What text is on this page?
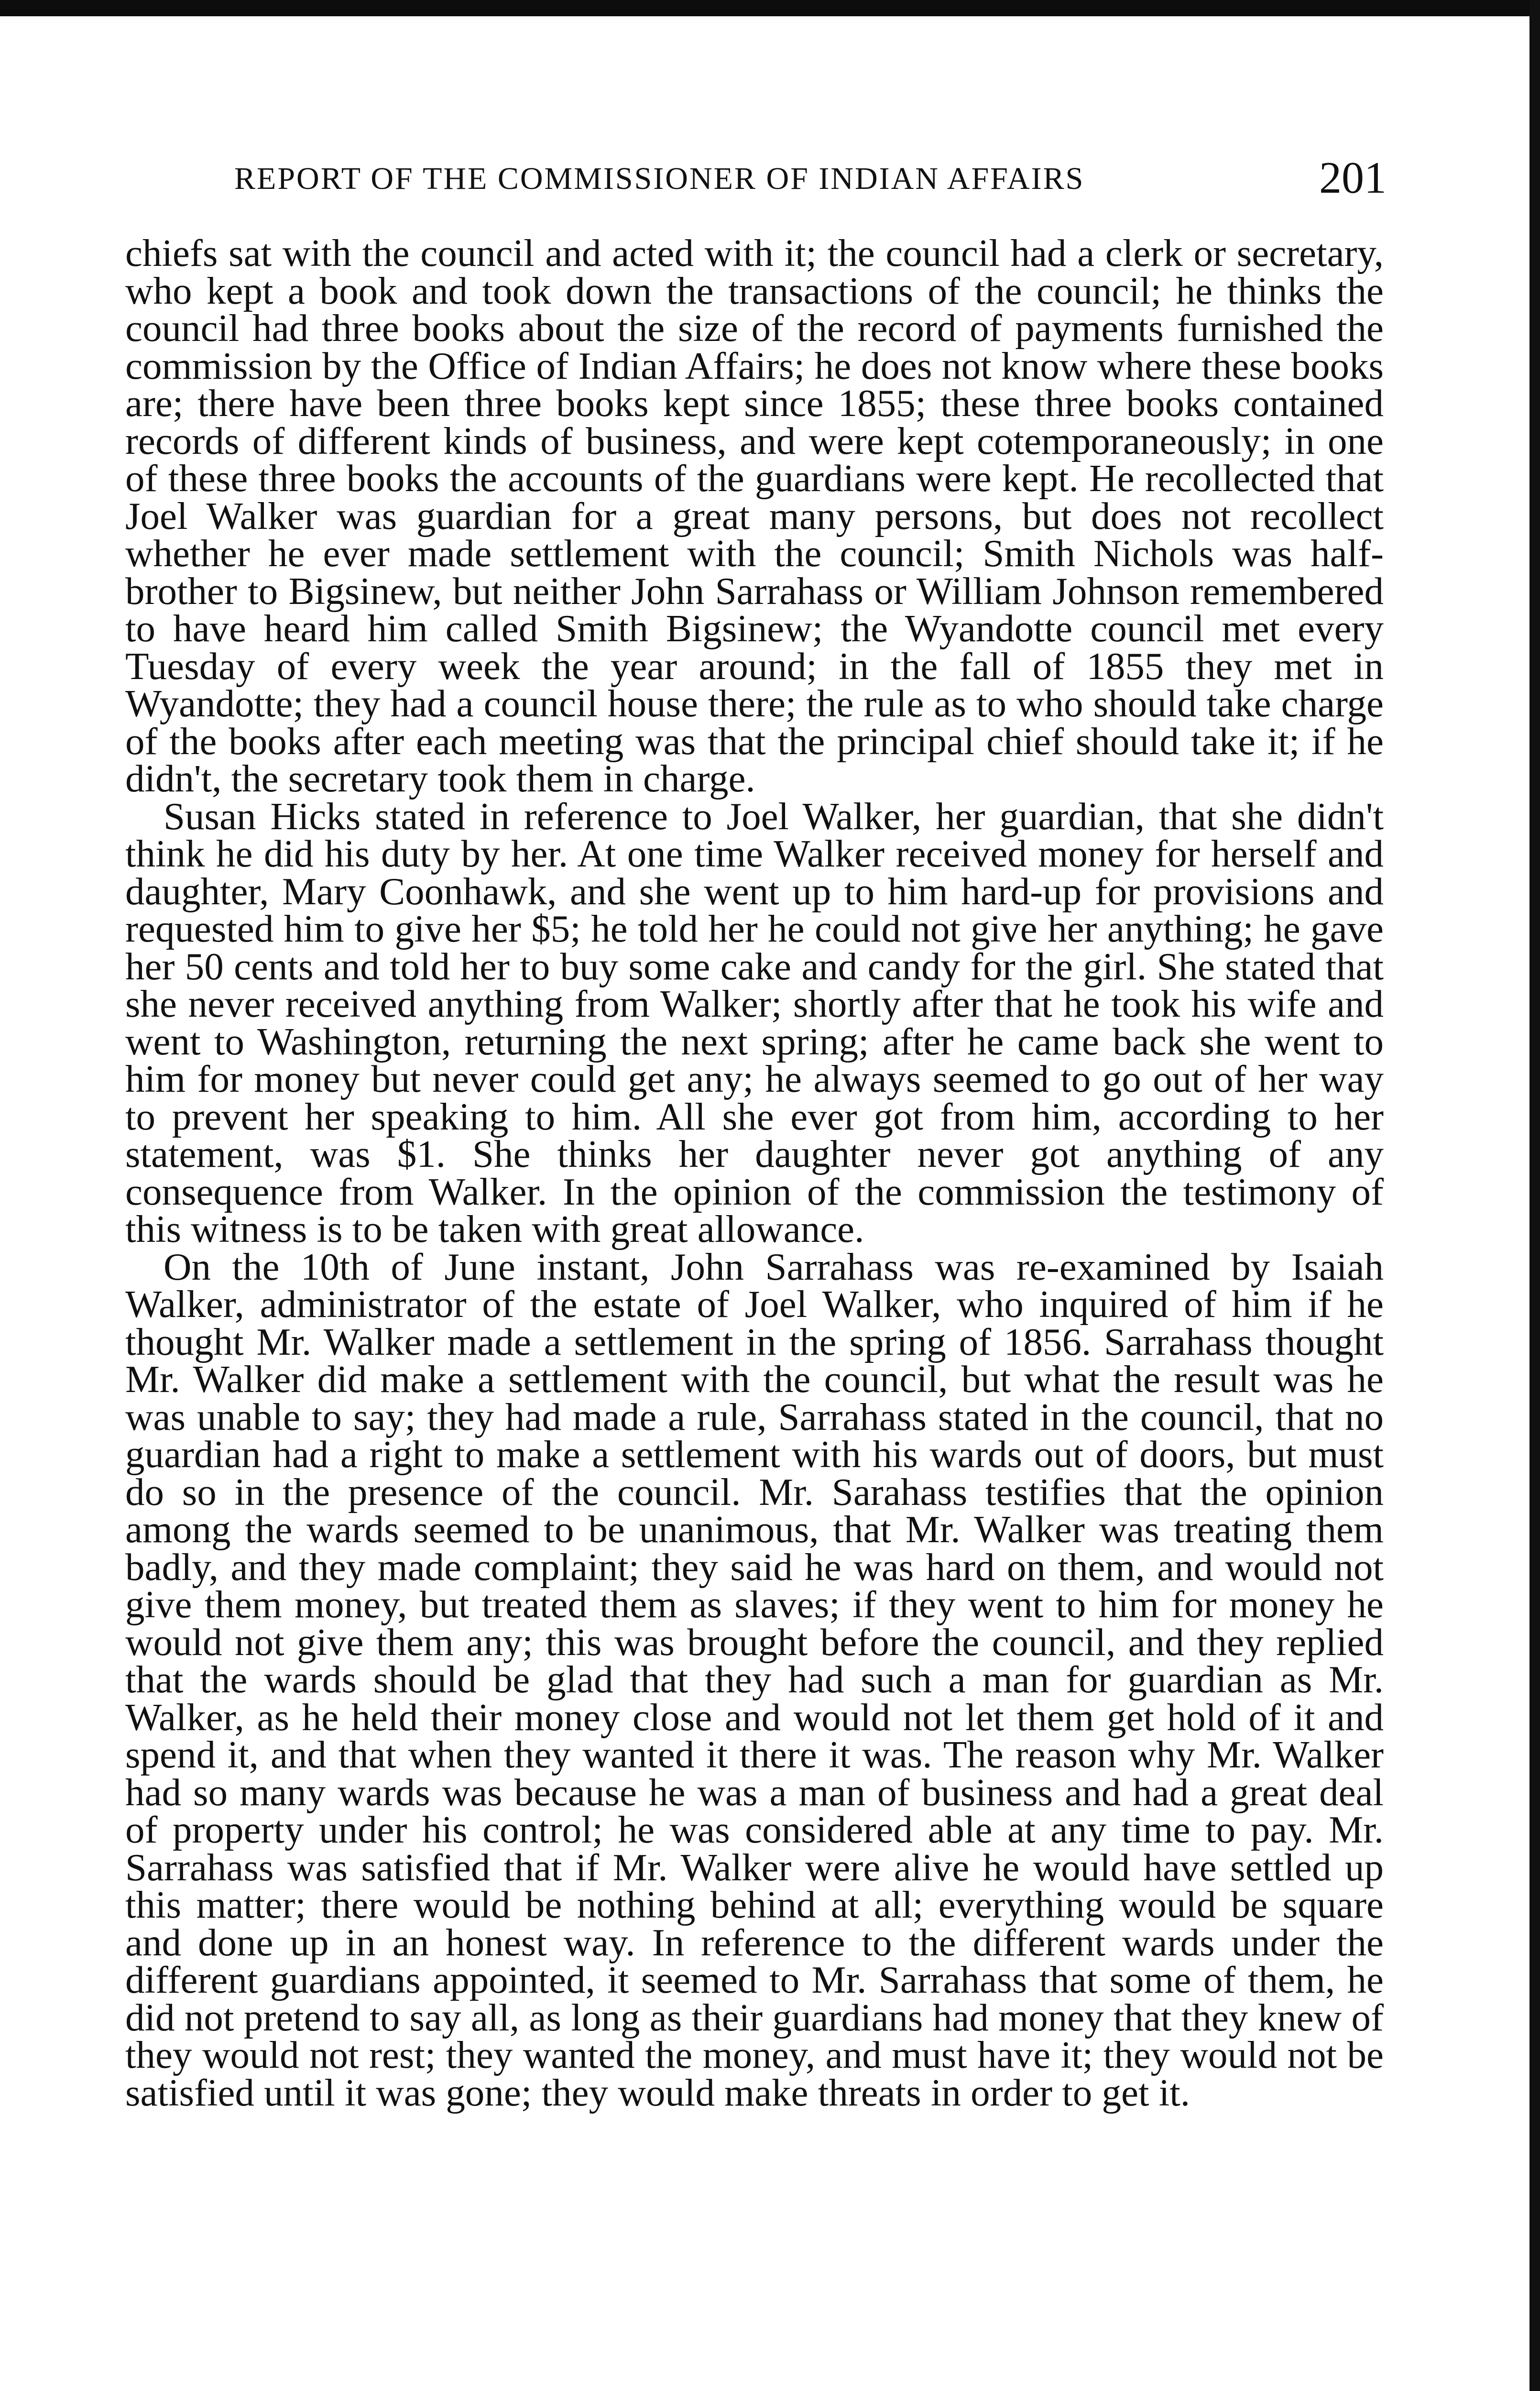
REPORT OF THE COMMISSIONER OF INDIAN AFFAIRS	201

chiefs sat with the council and acted with it; the council had a clerk or secretary, who kept a book and took down the transactions of the council; he thinks the council had three books about the size of the record of payments furnished the commission by the Office of Indian Affairs; he does not know where these books are; there have been three books kept since 1855; these three books contained records of different kinds of business, and were kept cotemporaneously; in one of these three books the accounts of the guardians were kept. He recollected that Joel Walker was guardian for a great many persons, but does not recollect whether he ever made settlement with the council; Smith Nichols was half-brother to Bigsinew, but neither John Sarrahass or William Johnson remembered to have heard him called Smith Bigsinew; the Wyandotte council met every Tuesday of every week the year around; in the fall of 1855 they met in Wyandotte; they had a council house there; the rule as to who should take charge of the books after each meeting was that the principal chief should take it; if he didn't, the secretary took them in charge.

Susan Hicks stated in reference to Joel Walker, her guardian, that she didn't think he did his duty by her. At one time Walker received money for herself and daughter, Mary Coonhawk, and she went up to him hard-up for provisions and requested him to give her $5; he told her he could not give her anything; he gave her 50 cents and told her to buy some cake and candy for the girl. She stated that she never received anything from Walker; shortly after that he took his wife and went to Washington, returning the next spring; after he came back she went to him for money but never could get any; he always seemed to go out of her way to prevent her speaking to him. All she ever got from him, according to her statement, was $1. She thinks her daughter never got anything of any consequence from Walker. In the opinion of the commission the testimony of this witness is to be taken with great allowance.

On the 10th of June instant, John Sarrahass was re-examined by Isaiah Walker, administrator of the estate of Joel Walker, who inquired of him if he thought Mr. Walker made a settlement in the spring of 1856. Sarrahass thought Mr. Walker did make a settlement with the council, but what the result was he was unable to say; they had made a rule, Sarrahass stated in the council, that no guardian had a right to make a settlement with his wards out of doors, but must do so in the presence of the council. Mr. Sarahass testifies that the opinion among the wards seemed to be unanimous, that Mr. Walker was treating them badly, and they made complaint; they said he was hard on them, and would not give them money, but treated them as slaves; if they went to him for money he would not give them any; this was brought before the council, and they replied that the wards should be glad that they had such a man for guardian as Mr. Walker, as he held their money close and would not let them get hold of it and spend it, and that when they wanted it there it was. The reason why Mr. Walker had so many wards was because he was a man of business and had a great deal of property under his control; he was considered able at any time to pay. Mr. Sarrahass was satisfied that if Mr. Walker were alive he would have settled up this matter; there would be nothing behind at all; everything would be square and done up in an honest way. In reference to the different wards under the different guardians appointed, it seemed to Mr. Sarrahass that some of them, he did not pretend to say all, as long as their guardians had money that they knew of they would not rest; they wanted the money, and must have it; they would not be satisfied until it was gone; they would make threats in order to get it.
